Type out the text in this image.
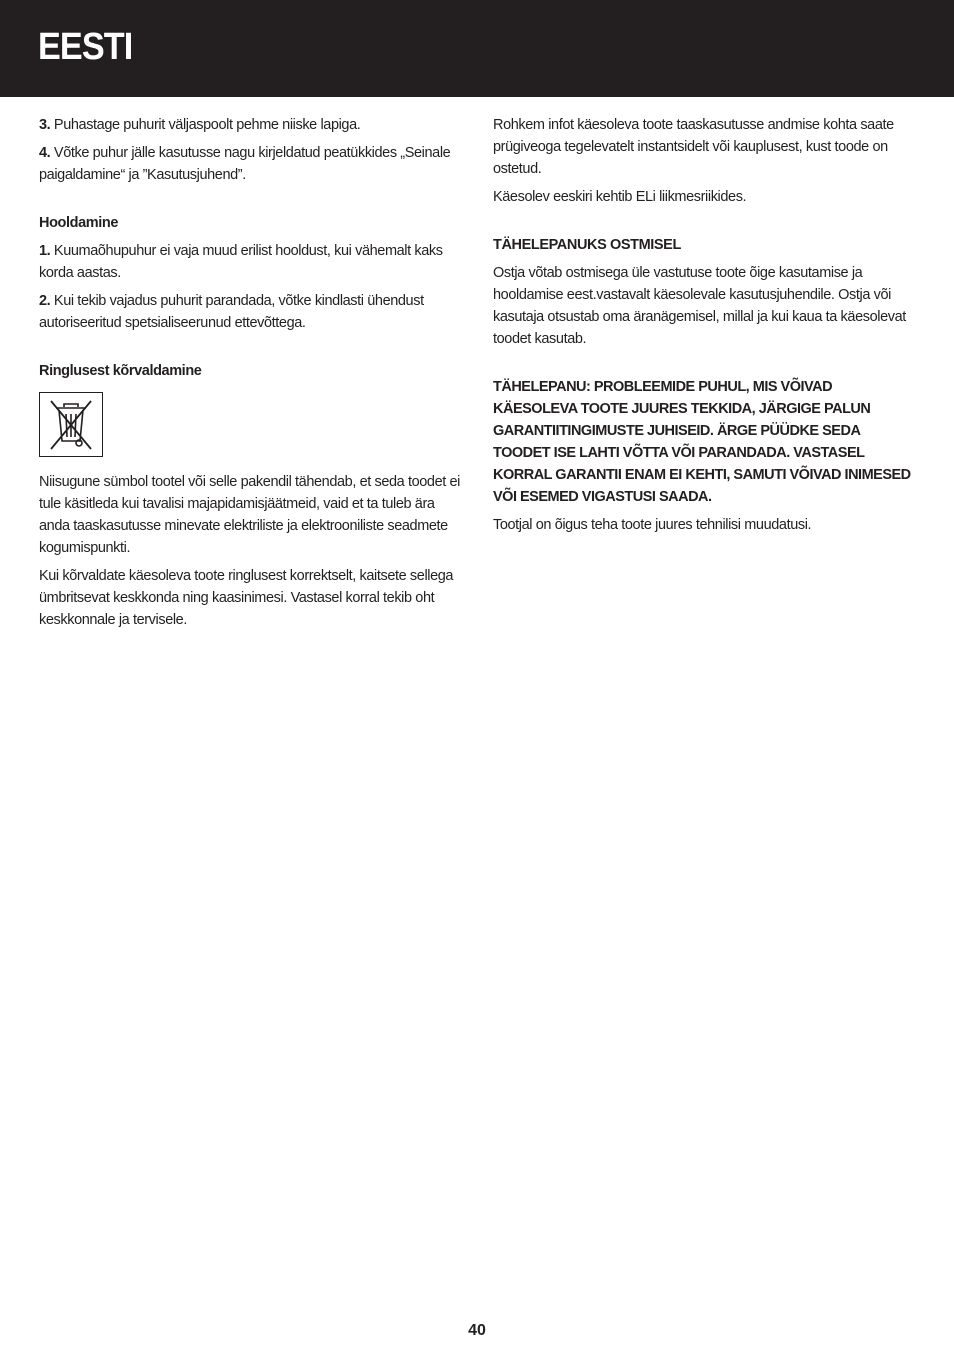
EESTI

3. Puhastage puhurit väljaspoolt pehme niiske lapiga.

4. Võtke puhur jälle kasutusse nagu kirjeldatud peatükkides „Seinale paigaldamine“ ja ”Kasutusjuhend”.

Hooldamine

1. Kuumaõhupuhur ei vaja muud erilist hooldust, kui vähemalt kaks korda aastas.

2. Kui tekib vajadus puhurit parandada, võtke kindlasti ühendust autoriseeritud spetsialiseerunud ettevõttega.

Ringlusest kõrvaldamine

Niisugune sümbol tootel või selle pakendil tähendab, et seda toodet ei tule käsitleda kui tavalisi majapidamisjäätmeid, vaid et ta tuleb ära anda taaskasutusse minevate elektriliste ja elektrooniliste seadmete kogumispunkti.

Kui kõrvaldate käesoleva toote ringlusest korrektselt, kaitsete sellega ümbritsevat keskkonda ning kaasinimesi. Vastasel korral tekib oht keskkonnale ja tervisele.

Rohkem infot käesoleva toote taaskasutusse andmise kohta saate prügiveoga tegelevatelt instantsidelt või kauplusest, kust toode on ostetud.

Käesolev eeskiri kehtib ELi liikmesriikides.

TÄHELEPANUKS OSTMISEL

Ostja võtab ostmisega üle vastutuse toote õige kasutamise ja hooldamise eest.vastavalt käesolevale kasutusjuhendile. Ostja või kasutaja otsustab oma äranägemisel, millal ja kui kaua ta käesolevat toodet kasutab.

TÄHELEPANU: PROBLEEMIDE PUHUL, MIS VÕIVAD KÄESOLEVA TOOTE JUURES TEKKIDA, JÄRGIGE PALUN GARANTIITINGIMUSTE JUHISEID. ÄRGE PÜÜDKE SEDA TOODET ISE LAHTI VÕTTA VÕI PARANDADA. VASTASEL KORRAL GARANTII ENAM EI KEHTI, SAMUTI VÕIVAD INIMESED VÕI ESEMED VIGASTUSI SAADA.

Tootjal on õigus teha toote juures tehnilisi muudatusi.

40
